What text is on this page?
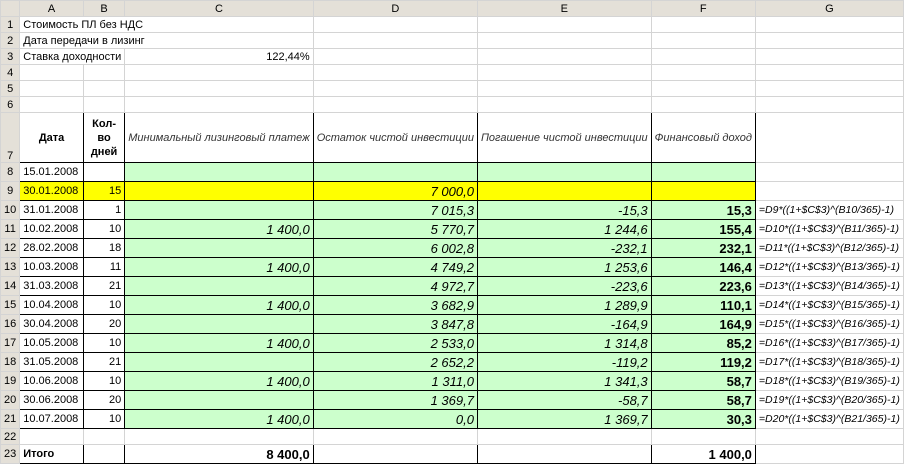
	A	B	C	D	E	F	G
1	Стоимость ПЛ без НДС						
2	Дата передачи в лизинг						
3	Ставка доходности		122,44%				
4							
5							
6							
7	Дата	Кол-во дней	Минимальный лизинговый платеж	Остаток чистой инвестиции	Погашение чистой инвестиции	Финансовый доход	
8	15.01.2008						
9	30.01.2008	15		7 000,0			
10	31.01.2008	1		7 015,3	-15,3	15,3	=D9*((1+$C$3)^(B10/365)-1)
11	10.02.2008	10	1 400,0	5 770,7	1 244,6	155,4	=D10*((1+$C$3)^(B11/365)-1)
12	28.02.2008	18		6 002,8	-232,1	232,1	=D11*((1+$C$3)^(B12/365)-1)
13	10.03.2008	11	1 400,0	4 749,2	1 253,6	146,4	=D12*((1+$C$3)^(B13/365)-1)
14	31.03.2008	21		4 972,7	-223,6	223,6	=D13*((1+$C$3)^(B14/365)-1)
15	10.04.2008	10	1 400,0	3 682,9	1 289,9	110,1	=D14*((1+$C$3)^(B15/365)-1)
16	30.04.2008	20		3 847,8	-164,9	164,9	=D15*((1+$C$3)^(B16/365)-1)
17	10.05.2008	10	1 400,0	2 533,0	1 314,8	85,2	=D16*((1+$C$3)^(B17/365)-1)
18	31.05.2008	21		2 652,2	-119,2	119,2	=D17*((1+$C$3)^(B18/365)-1)
19	10.06.2008	10	1 400,0	1 311,0	1 341,3	58,7	=D18*((1+$C$3)^(B19/365)-1)
20	30.06.2008	20		1 369,7	-58,7	58,7	=D19*((1+$C$3)^(B20/365)-1)
21	10.07.2008	10	1 400,0	0,0	1 369,7	30,3	=D20*((1+$C$3)^(B21/365)-1)
22							
23	Итого		8 400,0			1 400,0	
